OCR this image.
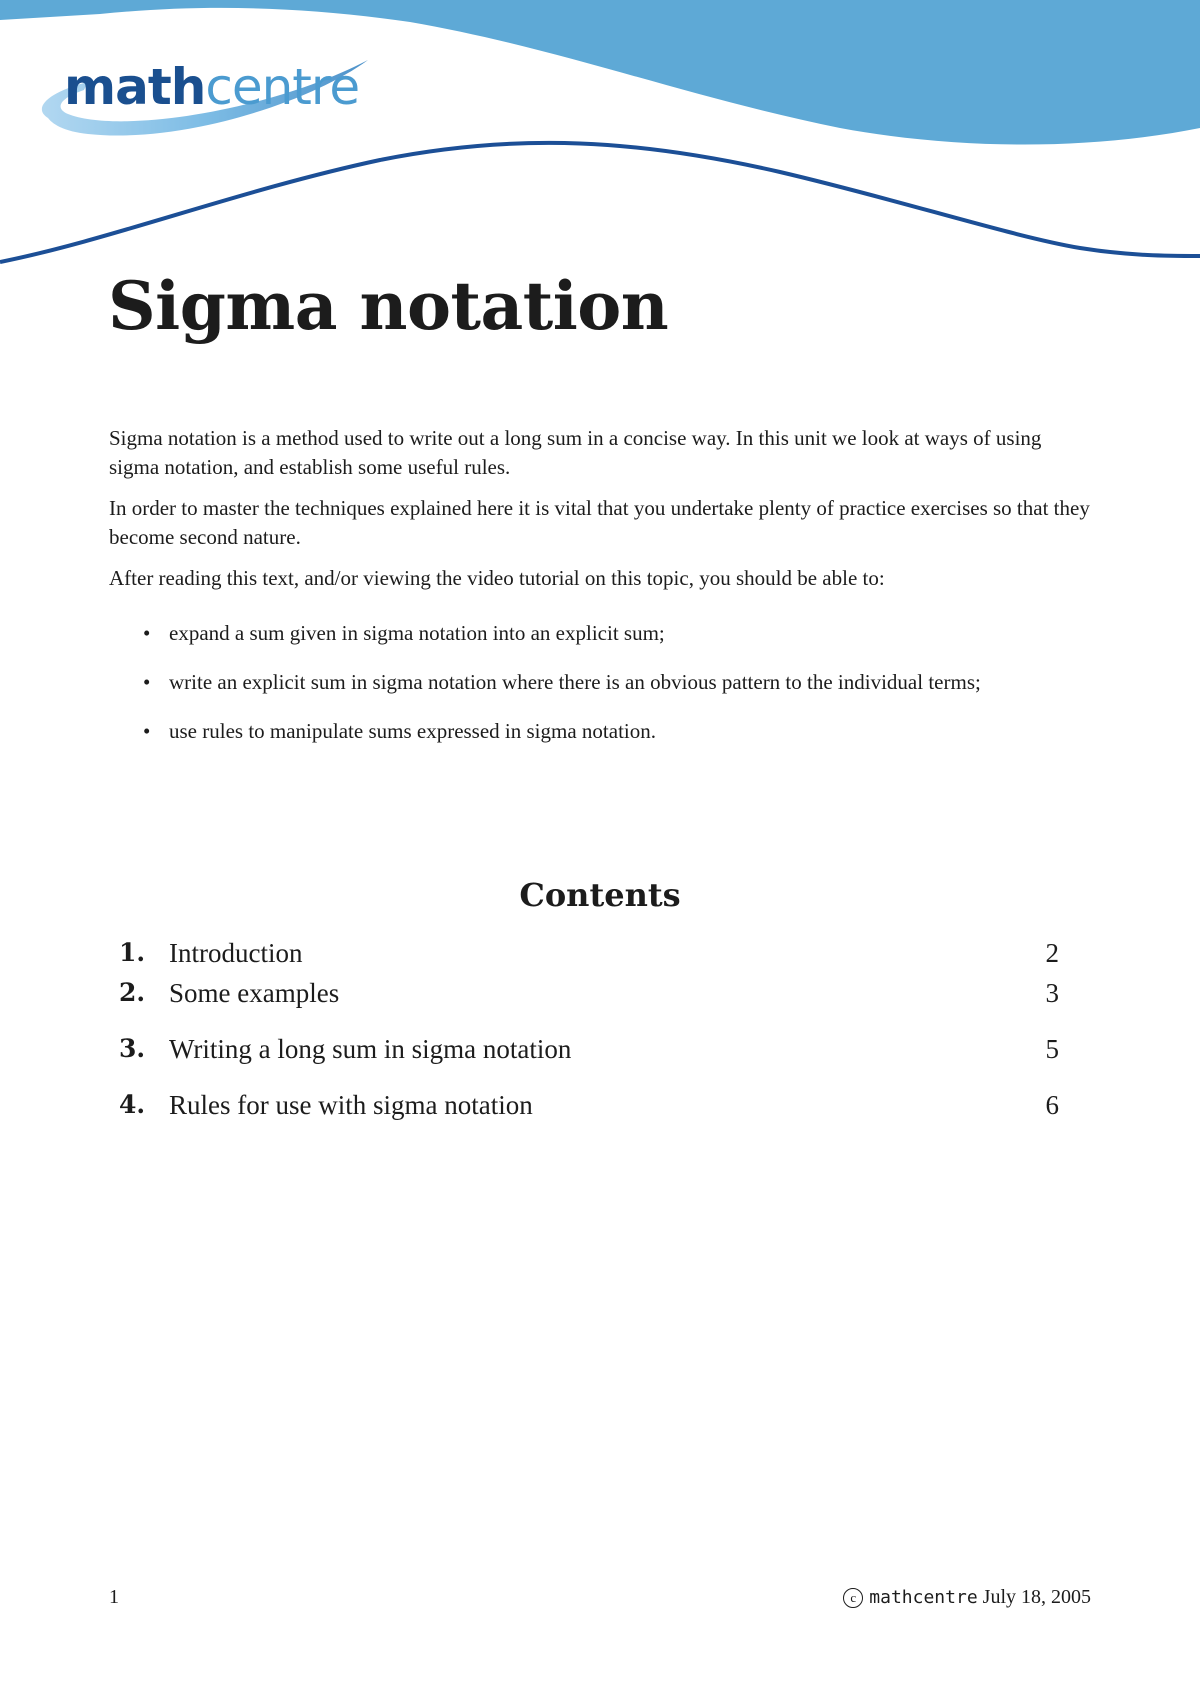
mathcentre
Sigma notation

Sigma notation is a method used to write out a long sum in a concise way. In this unit we look at ways of using sigma notation, and establish some useful rules.

In order to master the techniques explained here it is vital that you undertake plenty of practice exercises so that they become second nature.

After reading this text, and/or viewing the video tutorial on this topic, you should be able to:

• expand a sum given in sigma notation into an explicit sum;
• write an explicit sum in sigma notation where there is an obvious pattern to the individual terms;
• use rules to manipulate sums expressed in sigma notation.
Contents
1. Introduction	2
2. Some examples	3
3. Writing a long sum in sigma notation	5
4. Rules for use with sigma notation	6
1	c mathcentre July 18, 2005
